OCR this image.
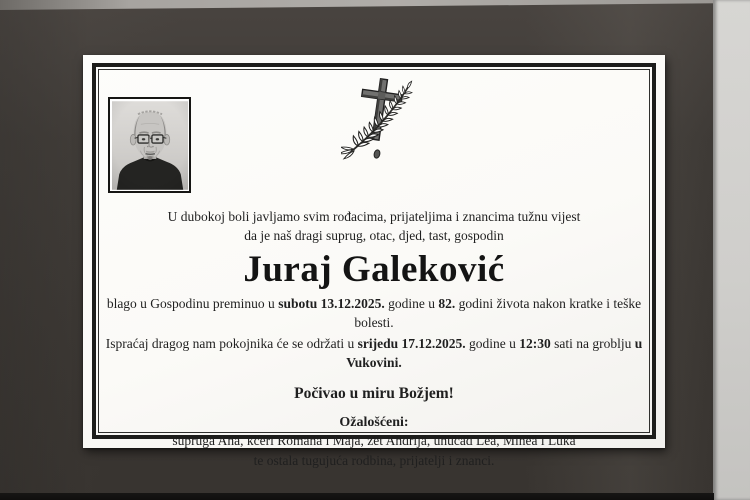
U dubokoj boli javljamo svim rođacima, prijateljima i znancima tužnu vijest
da je naš dragi suprug, otac, djed, tast, gospodin
Juraj Galeković
blago u Gospodinu preminuo u subotu 13.12.2025. godine u 82. godini života nakon kratke i teške bolesti.
Ispraćaj dragog nam pokojnika će se održati u srijedu 17.12.2025. godine u 12:30 sati na groblju u Vukovini.
Počivao u miru Božjem!
Ožalošćeni:
supruga Ana, kćeri Romana i Maja, zet Andrija, unučad Lea, Minea i Luka
te ostala tugujuća rodbina, prijatelji i znanci.
